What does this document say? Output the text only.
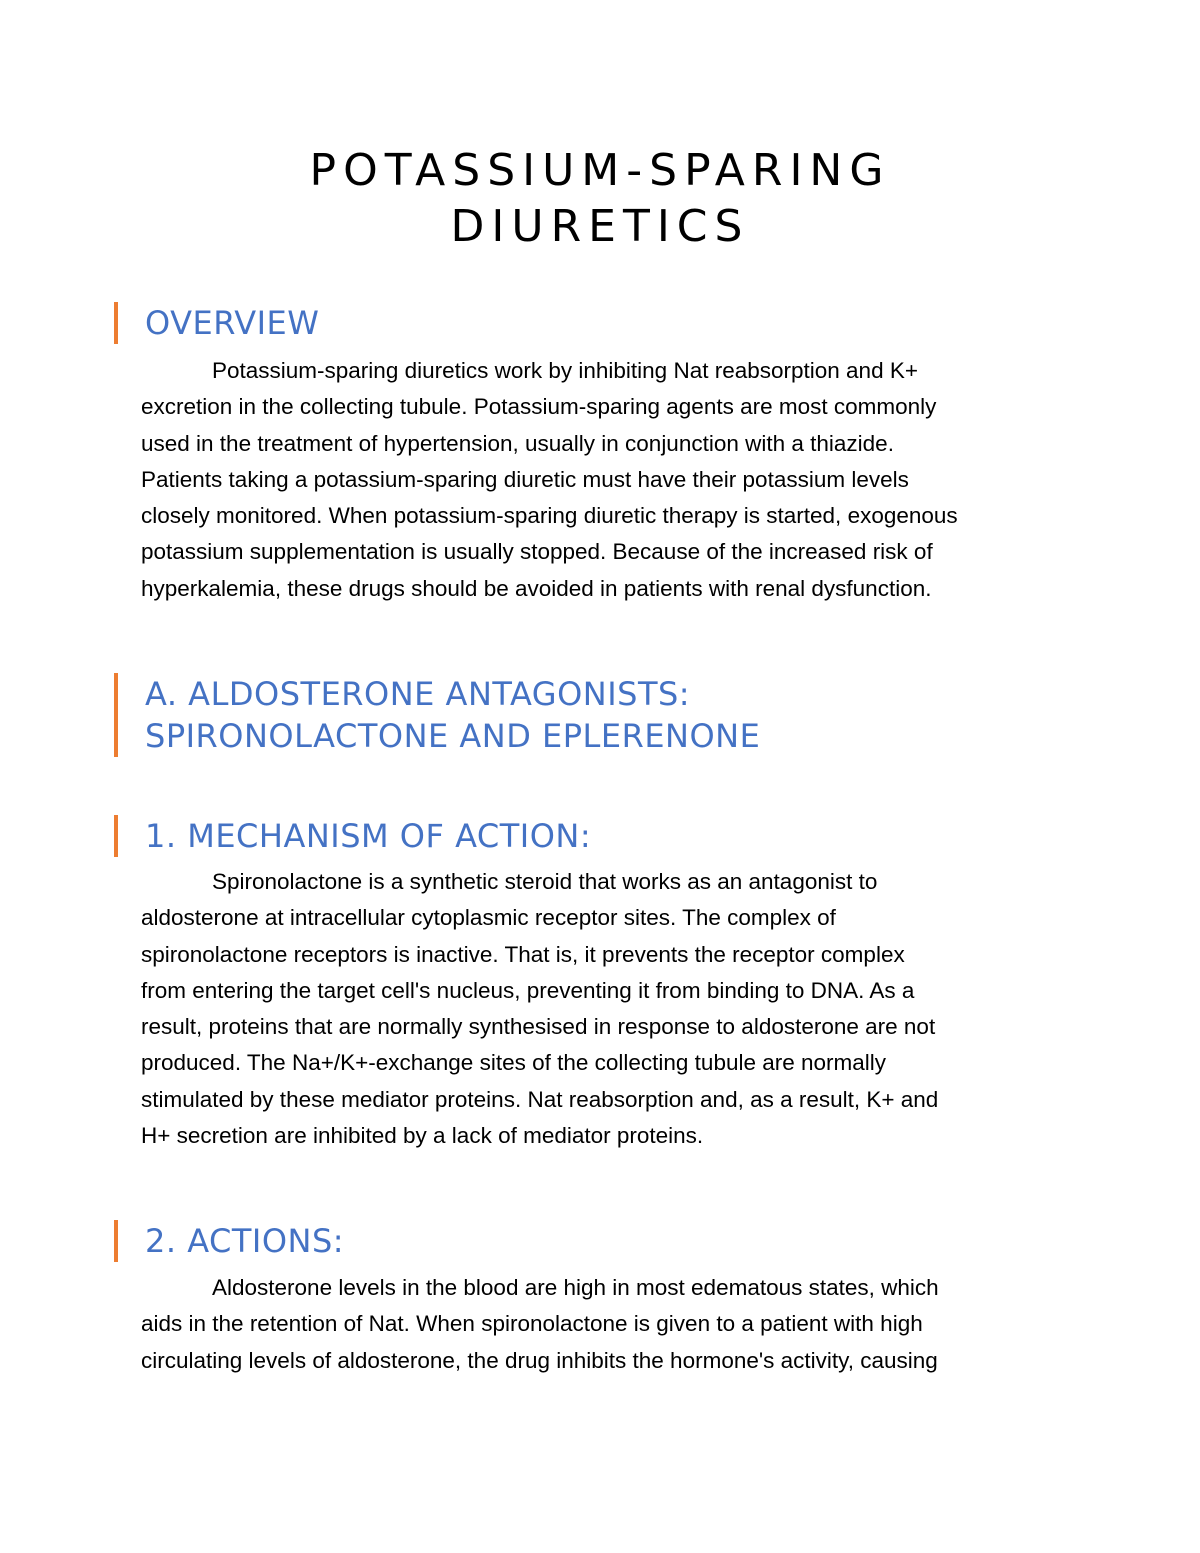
POTASSIUM-SPARING
DIURETICS
OVERVIEW
Potassium-sparing diuretics work by inhibiting Nat reabsorption and K+
excretion in the collecting tubule. Potassium-sparing agents are most commonly
used in the treatment of hypertension, usually in conjunction with a thiazide.
Patients taking a potassium-sparing diuretic must have their potassium levels
closely monitored. When potassium-sparing diuretic therapy is started, exogenous
potassium supplementation is usually stopped. Because of the increased risk of
hyperkalemia, these drugs should be avoided in patients with renal dysfunction.
A. ALDOSTERONE ANTAGONISTS:
SPIRONOLACTONE AND EPLERENONE
1. MECHANISM OF ACTION:
Spironolactone is a synthetic steroid that works as an antagonist to
aldosterone at intracellular cytoplasmic receptor sites. The complex of
spironolactone receptors is inactive. That is, it prevents the receptor complex
from entering the target cell's nucleus, preventing it from binding to DNA. As a
result, proteins that are normally synthesised in response to aldosterone are not
produced. The Na+/K+-exchange sites of the collecting tubule are normally
stimulated by these mediator proteins. Nat reabsorption and, as a result, K+ and
H+ secretion are inhibited by a lack of mediator proteins.
2. ACTIONS:
Aldosterone levels in the blood are high in most edematous states, which
aids in the retention of Nat. When spironolactone is given to a patient with high
circulating levels of aldosterone, the drug inhibits the hormone's activity, causing
